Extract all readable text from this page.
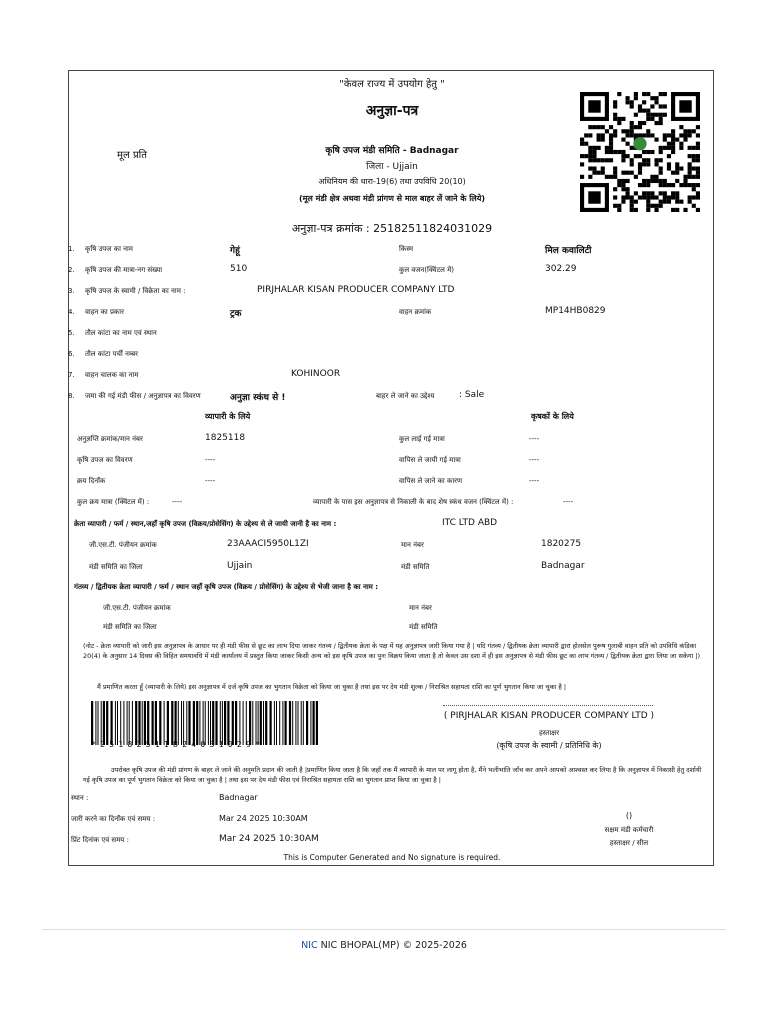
"केवल राज्य में उपयोग हेतु "
अनुज्ञा-पत्र
मूल प्रति	कृषि उपज मंडी समिति - Badnagar
जिला - Ujjain
अधिनियम की धारा-19(6) तथा उपविधि 20(10)
(मूल मंडी क्षेत्र अथवा मंडी प्रांगण से माल बाहर लें जाने के लिये)
अनुज्ञा-पत्र क्रमांक : 25182511824031029
1. कृषि उपज का नाम	गेहूं	किस्म	मिल कवालिटी
2. कृषि उपज की मात्रा-नग संख्या	510	कुल वजन(क्विंटल में)	302.29
3. कृषि उपज के स्वामी / विक्रेता का नाम :	PIRJHALAR KISAN PRODUCER COMPANY LTD
4. वाहन का प्रकार	ट्रक	वाहन क्रमांक	MP14HB0829
5. तौल कांटा का नाम एवं स्थान
6. तौल कांटा पर्ची नम्बर
7. वाहन चालक का नाम	KOHINOOR
8. जमा की गई मंडी फीस / अनुज्ञापत्र का विवरण	अनुज्ञा स्कंध से !	बाहर ले जाने का उद्देश्य	: Sale
व्यापारी के लिये	कृषकों के लिये
अनुज्ञप्ति क्रमांक/मान नंबर	1825118	कुल लाई गई मात्रा	----
कृषि उपज का विवरण	----	वापिस ले जायी गई मात्रा	----
क्रय दिनाँक	----	वापिस ले जाने का कारण	----
कुल क्रय मात्रा (क्विंटल में) :	----	व्यापारी के पास इस अनुज्ञापत्र से निकाली के बाद शेष स्कंध वजन (क्विंटल में) :	----
क्रेता व्यापारी / फर्म / स्थान,जहाँ कृषि उपज (विक्रय/प्रोसेसिंग) के उद्देश्य से ले जायी जानी है का नाम :	ITC LTD ABD
जी.एस.टी. पंजीयन क्रमांक	23AAACI5950L1ZI	मान नंबर	1820275
मंडी समिति का जिला	Ujjain	मंडी समिति	Badnagar
गंतव्य / द्वितीयक क्रेता व्यापारी / फर्म / स्थान जहाँ कृषि उपज (विक्रय / प्रोसेसिंग) के उद्देश्य से भेजी जाना है का नाम :
जी.एस.टी. पंजीयन क्रमांक	मान नंबर
मंडी समिति का जिला	मंडी समिति
(नोट - क्रेता व्यापारी को जारी इस अनुज्ञापत्र के आधार पर ही मंडी फीस से छूट का लाभ दिया जाकर गंतव्य / द्वितीयक क्रेता के पक्ष में यह अनुज्ञापत्र जारी किया गया है | यदि गंतव्य / द्वितीयक क्रेता व्यापारी द्वारा होलसेल पुरूष गुलाबी वाहन प्रति को उपविधि कंडिका 20(4) के अनुसार 14 दिवस की विहित समयावधि में मंडी कार्यालय में प्रस्तुत किया जाकर किसी अन्य को इस कृषि उपज का पुनः विक्रय किया जाता है तो केवल उस दशा में ही इस अनुज्ञापत्र से मंडी फीस छूट का लाभ गंतव्य / द्वितीयक क्रेता द्वारा लिया जा सकेगा |)
मैं प्रमाणित करता हूँ (व्यापारी के लिये) इस अनुज्ञापत्र में दर्ज कृषि उपज का भुगतान विक्रेता को किया जा चुका है तथा इस पर देय मंडी शुल्क / निराश्रित सहायता राशि का पूर्ण भुगतान किया जा चुका है |
*25182511824031029*
( PIRJHALAR KISAN PRODUCER COMPANY LTD )
हस्ताक्षर
(कृषि उपज के स्वामी / प्रतिनिधि के)
उपरोक्त कृषि उपज की मंडी प्रांगण के बाहर ले जाने की अनुमति प्रदान की जाती है |प्रमाणित किया जाता है कि जहाँ तक मैं व्यापारी के माल पर लागू होता है, मैंने भलीभांति जाँच कर अपने आपको आश्वस्त कर लिया है कि अनुज्ञापत्र में निकासी हेतु दर्शायी गई कृषि उपज का पूर्ण भुगतान विक्रेता को किया जा चुका है | तथा इस पर देय मंडी फीस एवं निराश्रित सहायता राशि का भुगतान प्राप्त किया जा चुका है |
स्थान :	Badnagar
जारी करने का दिनाँक एवं समय :	Mar 24 2025 10:30AM
प्रिंट दिनांक एवं समय :	Mar 24 2025 10:30AM
()
सक्षम मंडी कर्मचारी
हस्ताक्षर / सील
This is Computer Generated and No signature is required.
NIC NIC BHOPAL(MP) © 2025-2026
